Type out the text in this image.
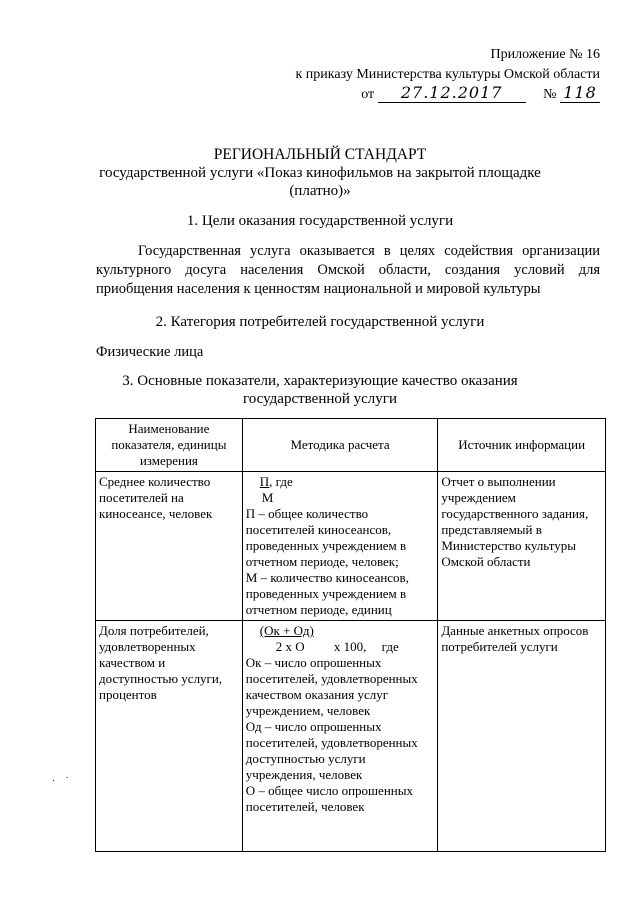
Приложение № 16
к приказу Министерства культуры Омской области
от 27.12.2017	№ 118
РЕГИОНАЛЬНЫЙ СТАНДАРТ
государственной услуги «Показ кинофильмов на закрытой площадке
(платно)»
1. Цели оказания государственной услуги
Государственная услуга оказывается в целях содействия организации культурного досуга населения Омской области, создания условий для приобщения населения к ценностям национальной и мировой культуры
2. Категория потребителей государственной услуги
Физические лица
3. Основные показатели, характеризующие качество оказания
государственной услуги
Наименование показателя, единицы измерения	Методика расчета	Источник информации
Среднее количество посетителей на киносеансе, человек	П, где
М
П – общее количество посетителей киносеансов, проведенных учреждением в отчетном периоде, человек;
М – количество киносеансов, проведенных учреждением в отчетном периоде, единиц	Отчет о выполнении учреждением государственного задания, представляемый в Министерство культуры Омской области
Доля потребителей, удовлетворенных качеством и доступностью услуги, процентов	(Ок + Од)
2 х О х 100, где
Ок – число опрошенных посетителей, удовлетворенных качеством оказания услуг учреждением, человек
Од – число опрошенных посетителей, удовлетворенных доступностью услуги учреждения, человек
О – общее число опрошенных посетителей, человек	Данные анкетных опросов потребителей услуги
·˙
